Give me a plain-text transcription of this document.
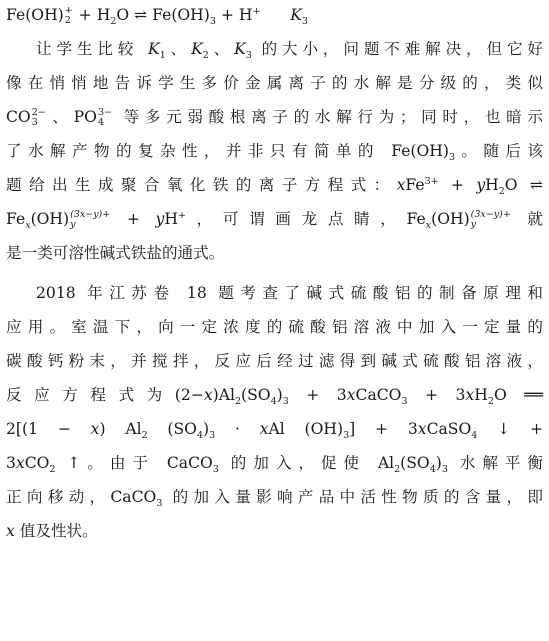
Fe(OH) +
$2 + H_2O$ ⇌ $Fe(OH)_3 + H^+$ $K_3$
让学生比较 $K_1$、$K_2$、$K_3$ 的大小，问题不难解决，但它好
像在悄悄地告诉学生多价金属离子的水解是分级的，类似
CO 2−
3 、PO 3−
4 等多元弱酸根离子的水解行为；同时，也暗示
了水解产物的复杂性，并非只有简单的 $Fe(OH)_3$。随后该
题给出生成聚合氧化铁的离子方程式：$xFe^{3+} + yH_2O$ ⇌
$Fe_x(OH)$ (3x−y)+
y	+ yH+，可谓画龙点睛，$Fe_x(OH)$ (3x−y)+
y	就
是一类可溶性碱式铁盐的通式。
2018 年江苏卷 18 题考查了碱式硫酸铝的制备原理和
应用。室温下，向一定浓度的硫酸铝溶液中加入一定量的
碳酸钙粉末，并搅拌，反应后经过滤得到碱式硫酸铝溶液，
反应方程式为$(2-x)Al_2(SO_4)_3$ + 3xCaCO$_3$ + $3xH_2O$ ══
2[(1 − x) $Al_2$ $(SO_4)_3$ · xAl $(OH)_3$] + 3xCaSO$_4$ ↓ +
3xCO$_2$ ↑。由于 CaCO$_3$ 的加入，促使 $Al_2(SO_4)_3$ 水解平衡
正向移动，CaCO$_3$ 的加入量影响产品中活性物质的含量，即
x 值及性状。
